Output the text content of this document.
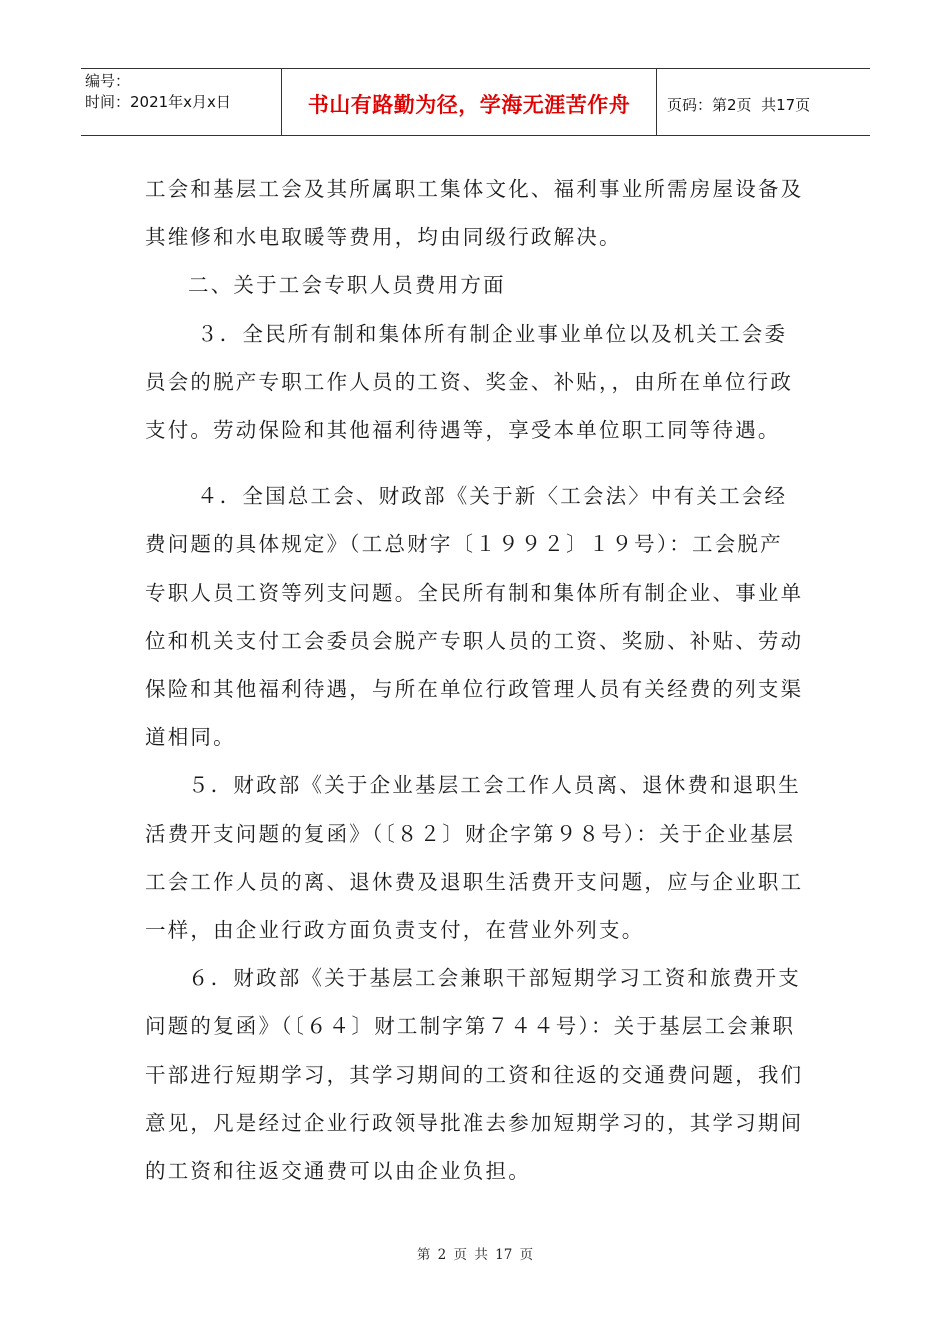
编号：
时间：2021年x月x日	书山有路勤为径，学海无涯苦作舟	页码：第2页  共17页

工会和基层工会及其所属职工集体文化、福利事业所需房屋设备及其维修和水电取暖等费用，均由同级行政解决。

二、关于工会专职人员费用方面

３．全民所有制和集体所有制企业事业单位以及机关工会委员会的脱产专职工作人员的工资、奖金、补贴，，由所在单位行政支付。劳动保险和其他福利待遇等，享受本单位职工同等待遇。

４．全国总工会、财政部《关于新〈工会法〉中有关工会经费问题的具体规定》（工总财字〔１９９２〕１９号）：工会脱产专职人员工资等列支问题。全民所有制和集体所有制企业、事业单位和机关支付工会委员会脱产专职人员的工资、奖励、补贴、劳动保险和其他福利待遇，与所在单位行政管理人员有关经费的列支渠道相同。

５．财政部《关于企业基层工会工作人员离、退休费和退职生活费开支问题的复函》（〔８２〕财企字第９８号）：关于企业基层工会工作人员的离、退休费及退职生活费开支问题，应与企业职工一样，由企业行政方面负责支付，在营业外列支。

６．财政部《关于基层工会兼职干部短期学习工资和旅费开支问题的复函》（〔６４〕财工制字第７４４号）：关于基层工会兼职干部进行短期学习，其学习期间的工资和往返的交通费问题，我们意见，凡是经过企业行政领导批准去参加短期学习的，其学习期间的工资和往返交通费可以由企业负担。

第 2 页 共 17 页
